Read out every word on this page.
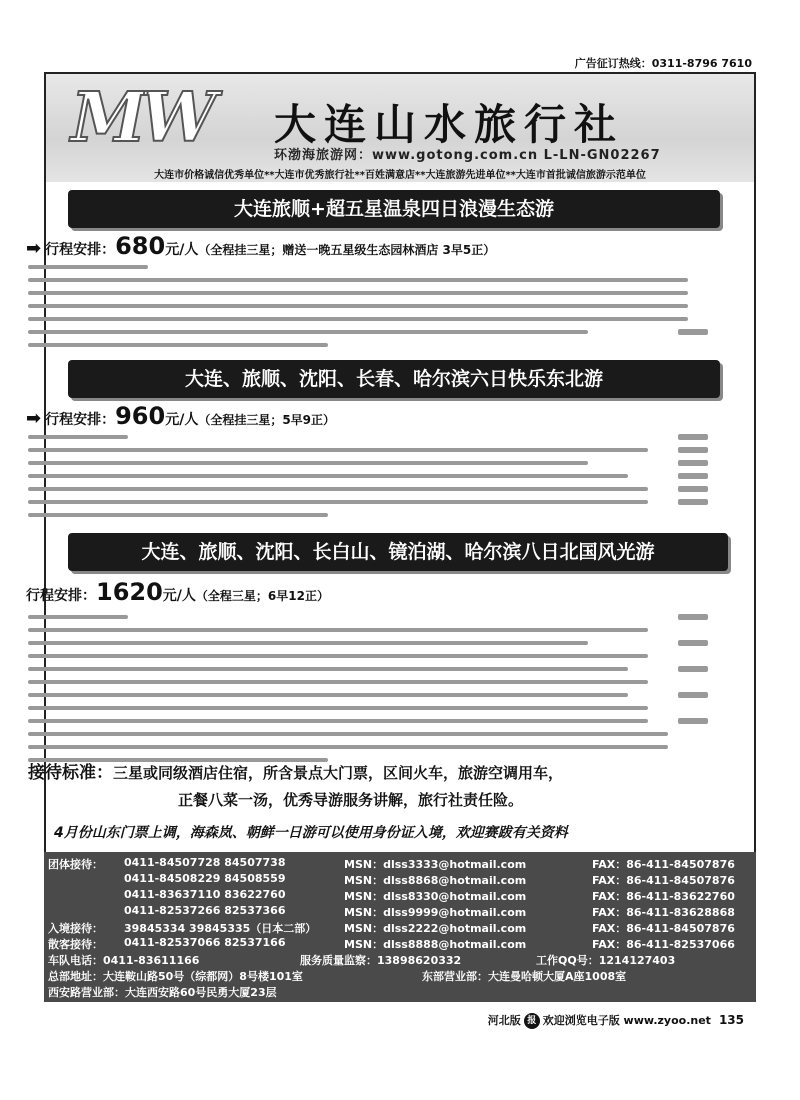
广告征订热线：0311-8796 7610
MW 大连山水旅行社
环渤海旅游网：www.gotong.com.cn L-LN-GN02267
大连市价格诚信优秀单位**大连市优秀旅行社**百姓满意店**大连旅游先进单位**大连市首批诚信旅游示范单位
大连旅顺+超五星温泉四日浪漫生态游
➡ 行程安排：680元/人（全程挂三星；赠送一晚五星级生态园林酒店 3早5正）
大连、旅顺、沈阳、长春、哈尔滨六日快乐东北游
➡ 行程安排：960元/人（全程挂三星；5早9正）
大连、旅顺、沈阳、长白山、镜泊湖、哈尔滨八日北国风光游
行程安排：1620元/人（全程三星；6早12正）
接待标准：三星或同级酒店住宿，所含景点大门票，区间火车，旅游空调用车，
正餐八菜一汤，优秀导游服务讲解，旅行社责任险。
4月份山东门票上调，海森岚、朝鲜一日游可以使用身份证入境，欢迎赛跋有关资料
团体接待： 0411-84507728 84507738	MSN：dlss3333@hotmail.com	FAX：86-411-84507876
0411-84508229 84508559	MSN：dlss8868@hotmail.com	FAX：86-411-84507876
0411-83637110 83622760	MSN：dlss8330@hotmail.com	FAX：86-411-83622760
0411-82537266 82537366	MSN：dlss9999@hotmail.com	FAX：86-411-83628868
入境接待： 39845334 39845335（日本二部）	MSN：dlss2222@hotmail.com	FAX：86-411-84507876
散客接待： 0411-82537066 82537166	MSN：dlss8888@hotmail.com	FAX：86-411-82537066
车队电话：0411-83611166	服务质量监察：13898620332	工作QQ号：1214127403
总部地址：大连鞍山路50号（综都网）8号楼101室	东部营业部：大连曼哈顿大厦A座1008室
西安路营业部：大连西安路60号民勇大厦23层
河北版 报 欢迎浏览电子版 www.zyoo.net 135
